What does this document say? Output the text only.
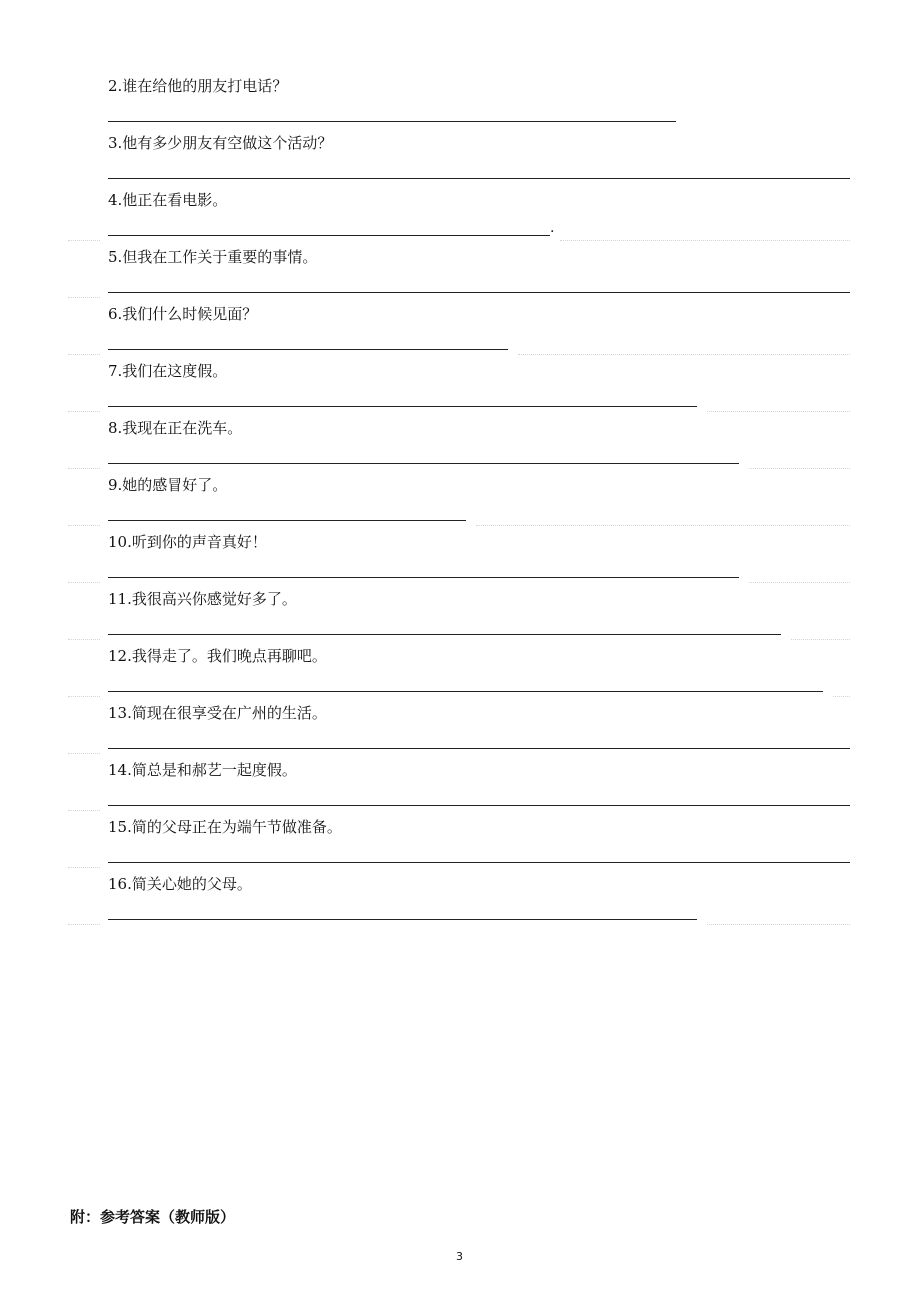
2.谁在给他的朋友打电话？
3.他有多少朋友有空做这个活动？
4.他正在看电影。
.
5.但我在工作关于重要的事情。
6.我们什么时候见面？
7.我们在这度假。
8.我现在正在洗车。
9.她的感冒好了。
10.听到你的声音真好！
11.我很高兴你感觉好多了。
12.我得走了。我们晚点再聊吧。
13.简现在很享受在广州的生活。
14.简总是和郝艺一起度假。
15.简的父母正在为端午节做准备。
16.简关心她的父母。
附：参考答案（教师版）
3
